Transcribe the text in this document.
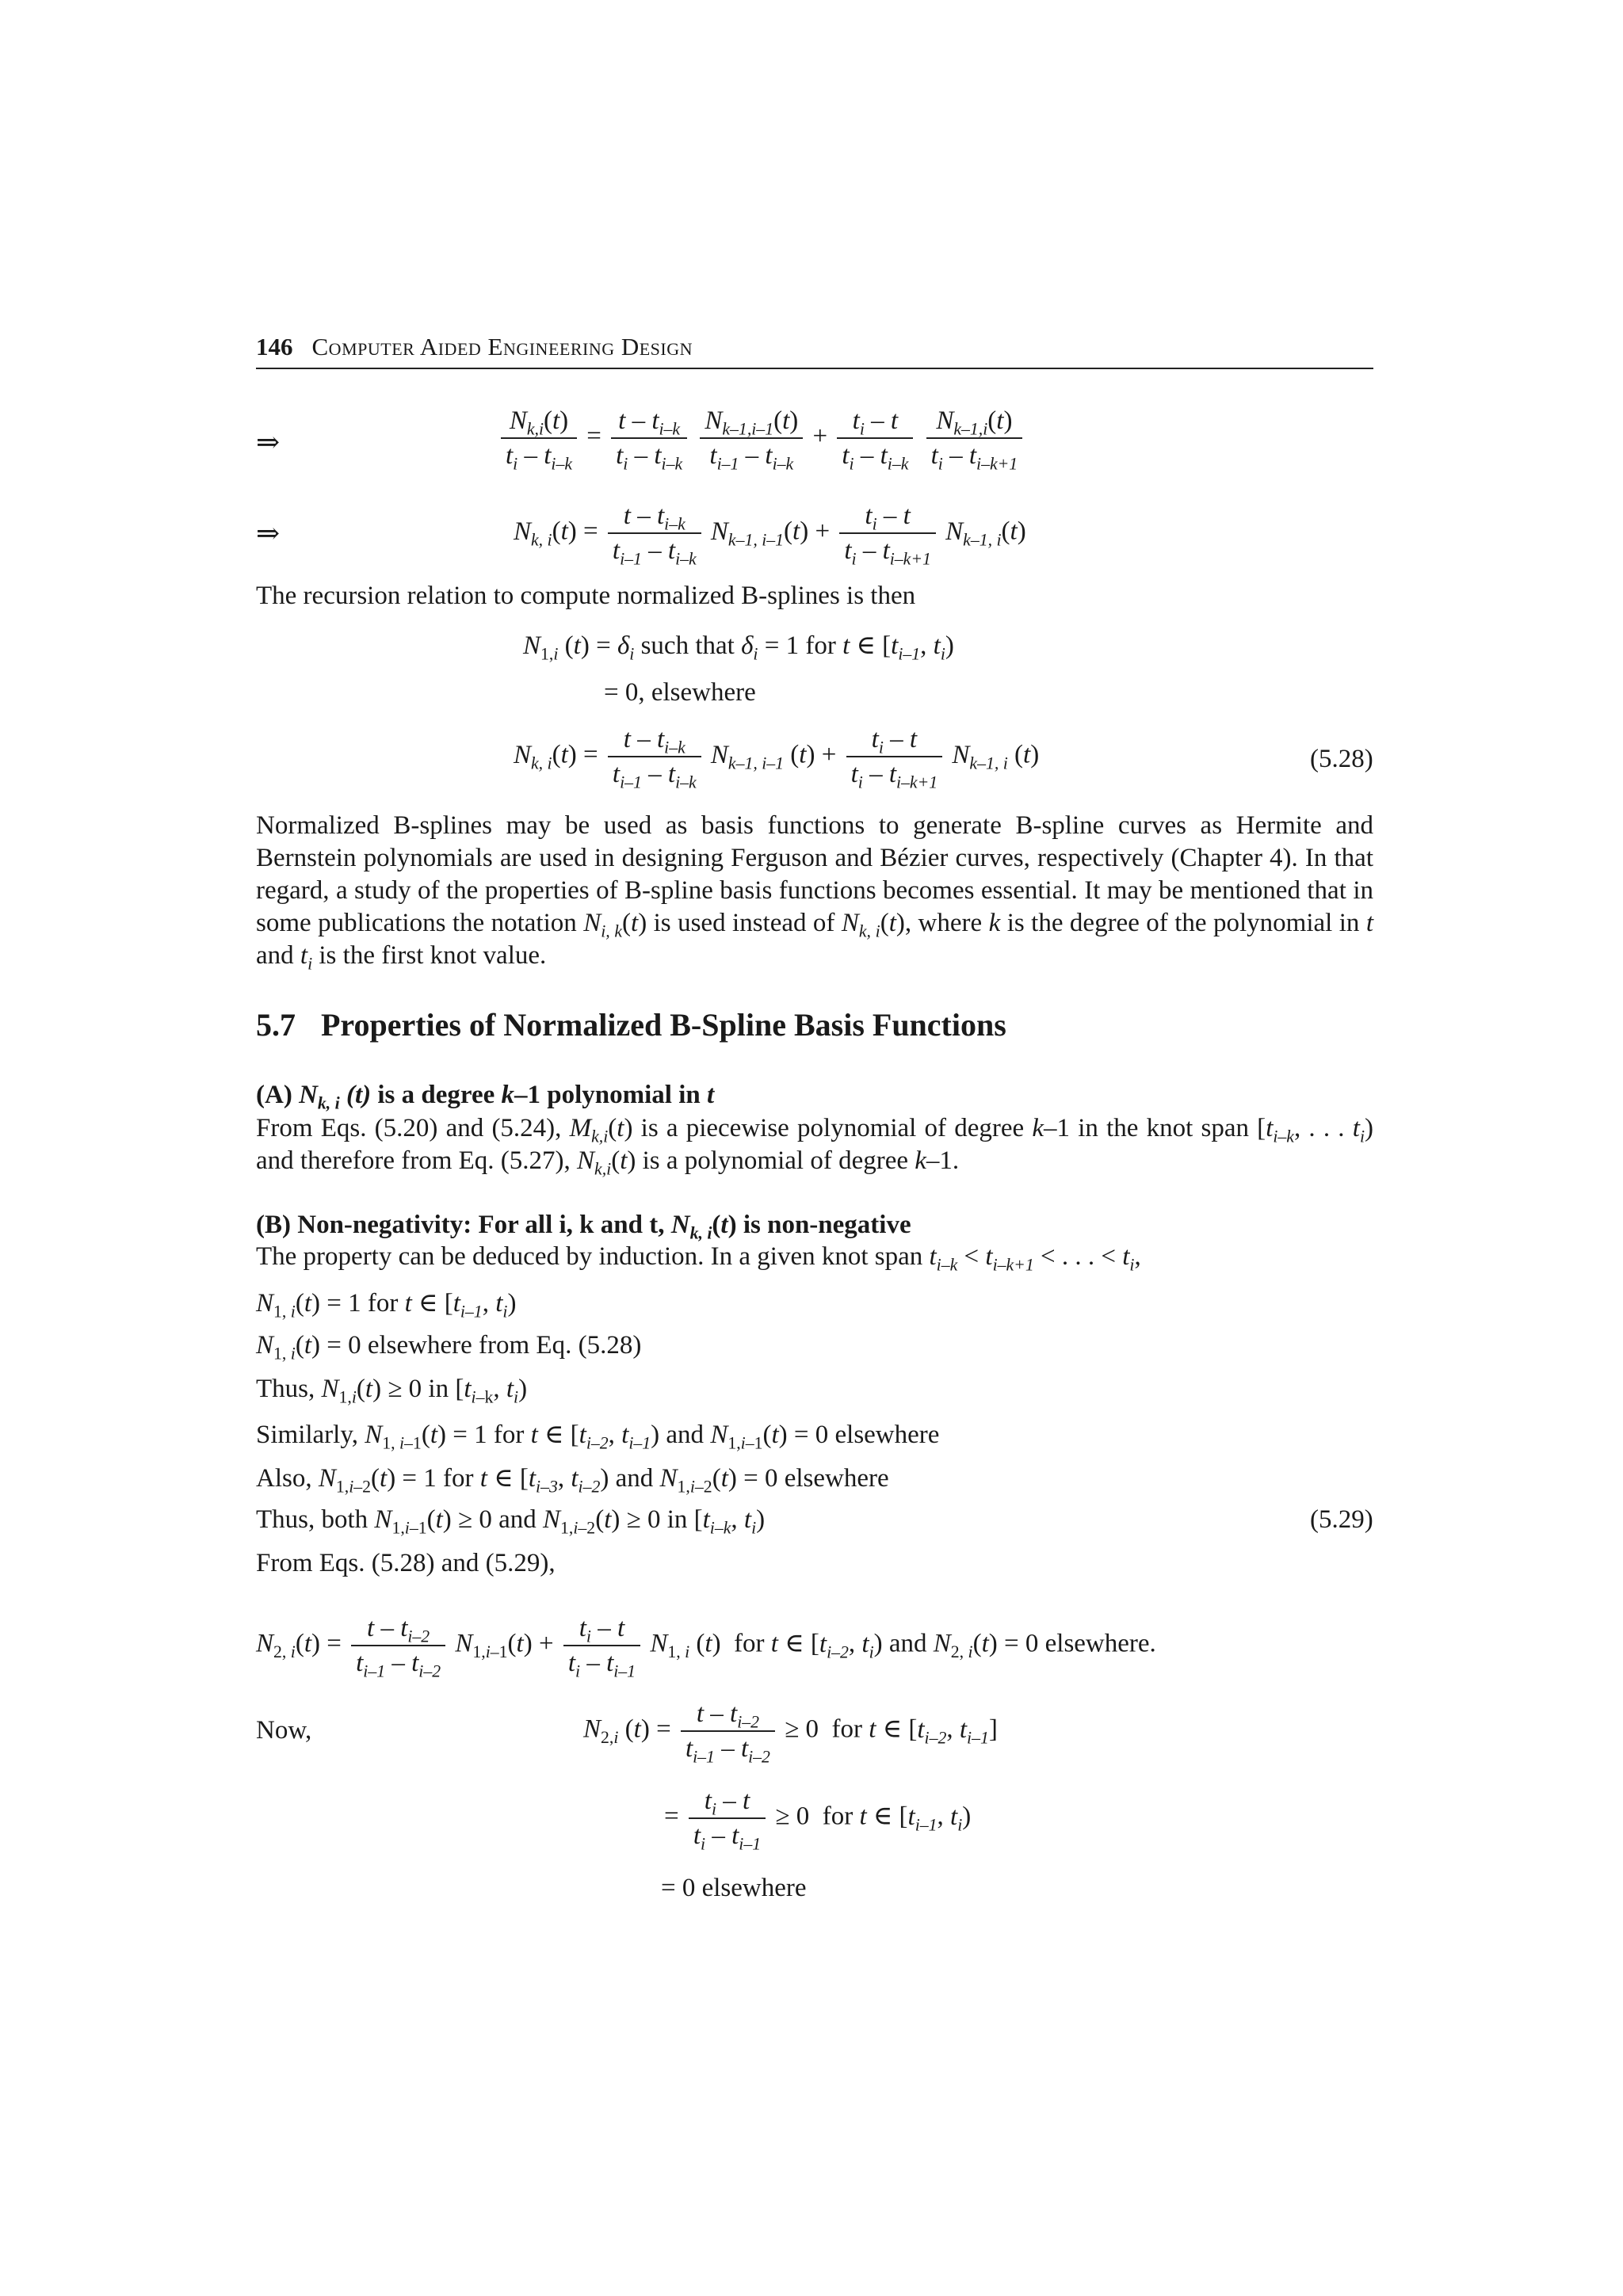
146 Computer Aided Engineering Design
⇒	$\frac{N_{k,i}(t)}{t_i - t_{i-k}} = \frac{t - t_{i-k}}{t_i - t_{i-k}}$
$\frac{N_{k-1,i-1}(t)}{t_{i-1} - t_{i-k}} + \frac{t_i - t}{t_i - t_{i-k}}$
$\frac{N_{k-1,i}(t)}{t_i - t_{i-k+1}}$
⇒	$N_{k, i}(t) = \frac{t - t_{i-k}}{t_{i-1} - t_{i-k}} N_{k-1, i-1}(t) + \frac{t_i - t}{t_i - t_{i-k+1}} N_{k-1, i}(t)$
The recursion relation to compute normalized B-splines is then
$N_{1,i}$ $(t) = \delta_i$ such that $\delta_i = 1$ for t ∈ [$t_{i-1}$, $t_i$)
= 0, elsewhere
$N_{k, i}(t) = \frac{t - t_{i-k}}{t_{i-1} - t_{i-k}} N_{k-1, i-1}$ $(t) + \frac{t_i - t}{t_i - t_{i-k+1}} N_{k-1, i}$ (t)	(5.28)
Normalized B-splines may be used as basis functions to generate B-spline curves as Hermite and Bernstein polynomials are used in designing Ferguson and Bézier curves, respectively (Chapter 4). In that regard, a study of the properties of B-spline basis functions becomes essential. It may be mentioned that in some publications the notation $N_{i, k}(t)$ is used instead of $N_{k, i}(t)$, where k is the degree of the polynomial in t and $t_i$ is the first knot value.
5.7 Properties of Normalized B-Spline Basis Functions
(A) $N_{k, i}$ (t) is a degree k–1 polynomial in t
From Eqs. (5.20) and (5.24), $M_{k,i}(t)$ is a piecewise polynomial of degree k–1 in the knot span [$t_{i-k}$, . . . $t_i$) and therefore from Eq. (5.27), $N_{k,i}(t)$ is a polynomial of degree k–1.
(B) Non-negativity: For all i, k and t, $N_{k, i}(t)$ is non-negative
The property can be deduced by induction. In a given knot span $t_{i-k} < t_{i-k+1}$ < . . . < $t_i$,
$N_{1, i}(t) = 1$ for t ∈ [$t_{i-1}$, $t_i$)
$N_{1, i}(t) = 0$ elsewhere from Eq. (5.28)
Thus, $N_{1,i}(t) \ge 0$ in [$t_{i-k}$, $t_i$)
Similarly, $N_{1, i-1}(t) = 1$ for t ∈ [$t_{i-2}$, $t_{i-1}$) and $N_{1,i-1}(t) = 0$ elsewhere
Also, $N_{1,i-2}(t) = 1$ for t ∈ [$t_{i-3}$, $t_{i-2}$) and $N_{1,i-2}(t) = 0$ elsewhere
Thus, both $N_{1,i-1}(t) \ge 0$ and $N_{1,i-2}(t) \ge 0$ in [$t_{i-k}$, $t_i$)	(5.29)
From Eqs. (5.28) and (5.29),
$N_{2, i}(t) = \frac{t - t_{i-2}}{t_{i-1} - t_{i-2}} N_{1,i-1}(t) + \frac{t_i - t}{t_i - t_{i-1}} N_{1, i}$ (t)  for t ∈ [$t_{i-2}$, $t_i$) and $N_{2, i}(t) = 0$ elsewhere.
Now,	$N_{2,i}$ $(t) = \frac{t - t_{i-2}}{t_{i-1} - t_{i-2}} \ge 0$  for t ∈ [$t_{i-2}$, $t_{i-1}$]
= $\frac{t_i - t}{t_i - t_{i-1}} \ge 0$  for t ∈ [$t_{i-1}$, $t_i$)
= 0 elsewhere
